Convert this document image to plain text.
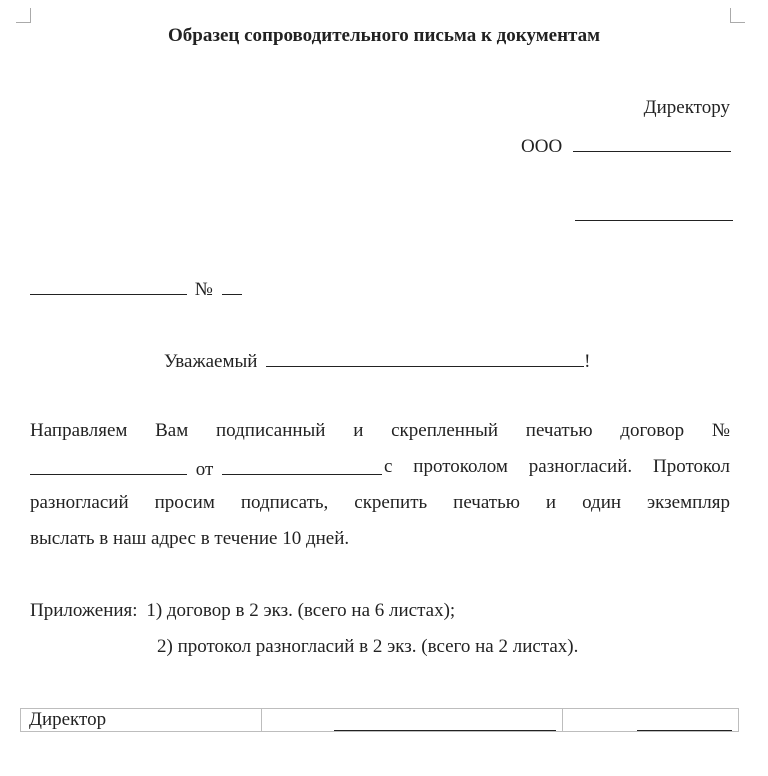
Образец сопроводительного письма к документам
Директору
ООО
№
Уважаемый	!
Направляем Вам подписанный и скрепленный печатью договор №
от	с протоколом разногласий. Протокол
разногласий просим подписать, скрепить печатью и один экземпляр
выслать в наш адрес в течение 10 дней.
Приложения: 1) договор в 2 экз. (всего на 6 листах);
2) протокол разногласий в 2 экз. (всего на 2 листах).
Директор	
